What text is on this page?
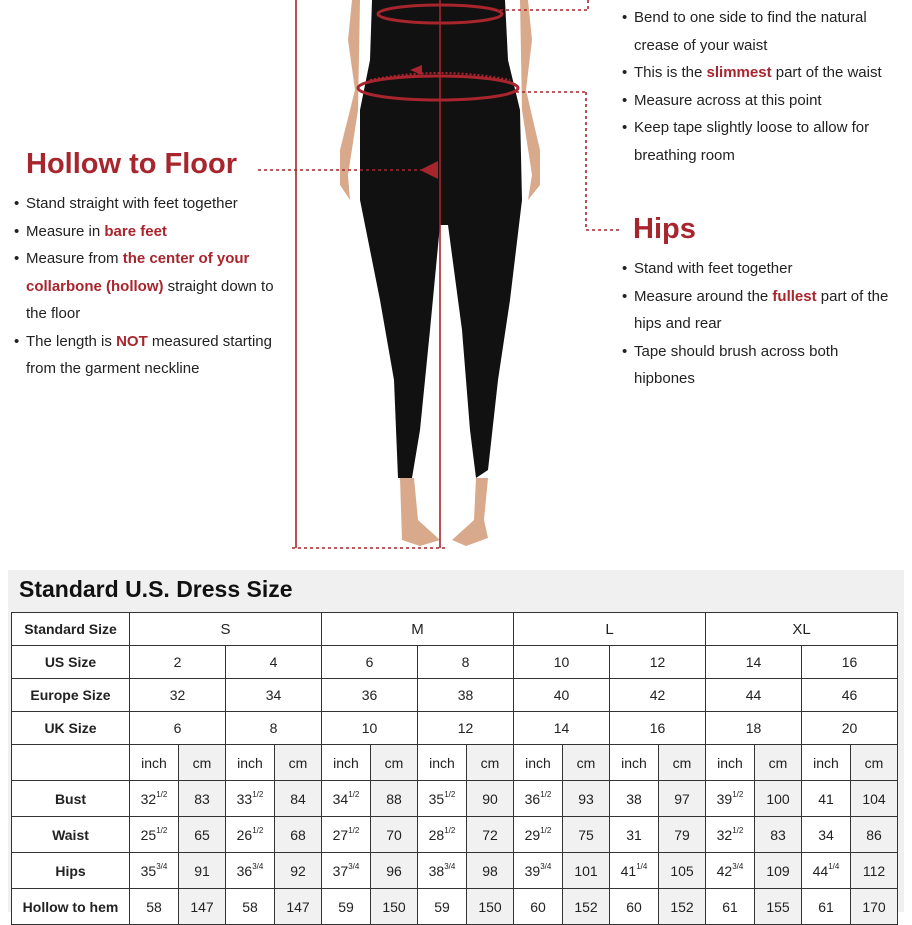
• Bend to one side to find the natural crease of your waist
• This is the slimmest part of the waist
• Measure across at this point
• Keep tape slightly loose to allow for breathing room
Hollow to Floor
• Stand straight with feet together
• Measure in bare feet
• Measure from the center of your collarbone (hollow) straight down to the floor
• The length is NOT measured starting from the garment neckline
Hips
• Stand with feet together
• Measure around the fullest part of the hips and rear
• Tape should brush across both hipbones
Standard U.S. Dress Size
Standard Size	S				M				L				XL			
US Size	2		4		6		8		10		12		14		16	
Europe Size	32		34		36		38		40		42		44		46	
UK Size	6		8		10		12		14		16		18		20	
	inch	cm	inch	cm	inch	cm	inch	cm	inch	cm	inch	cm	inch	cm	inch	cm
Bust	$32^{1/2}$	83	$33^{1/2}$	84	$34^{1/2}$	88	$35^{1/2}$	90	$36^{1/2}$	93	38	97	$39^{1/2}$	100	41	104
Waist	$25^{1/2}$	65	$26^{1/2}$	68	$27^{1/2}$	70	$28^{1/2}$	72	$29^{1/2}$	75	31	79	$32^{1/2}$	83	34	86
Hips	$35^{3/4}$	91	$36^{3/4}$	92	$37^{3/4}$	96	$38^{3/4}$	98	$39^{3/4}$	101	$41^{1/4}$	105	$42^{3/4}$	109	$44^{1/4}$	112
Hollow to hem	58	147	58	147	59	150	59	150	60	152	60	152	61	155	61	170
